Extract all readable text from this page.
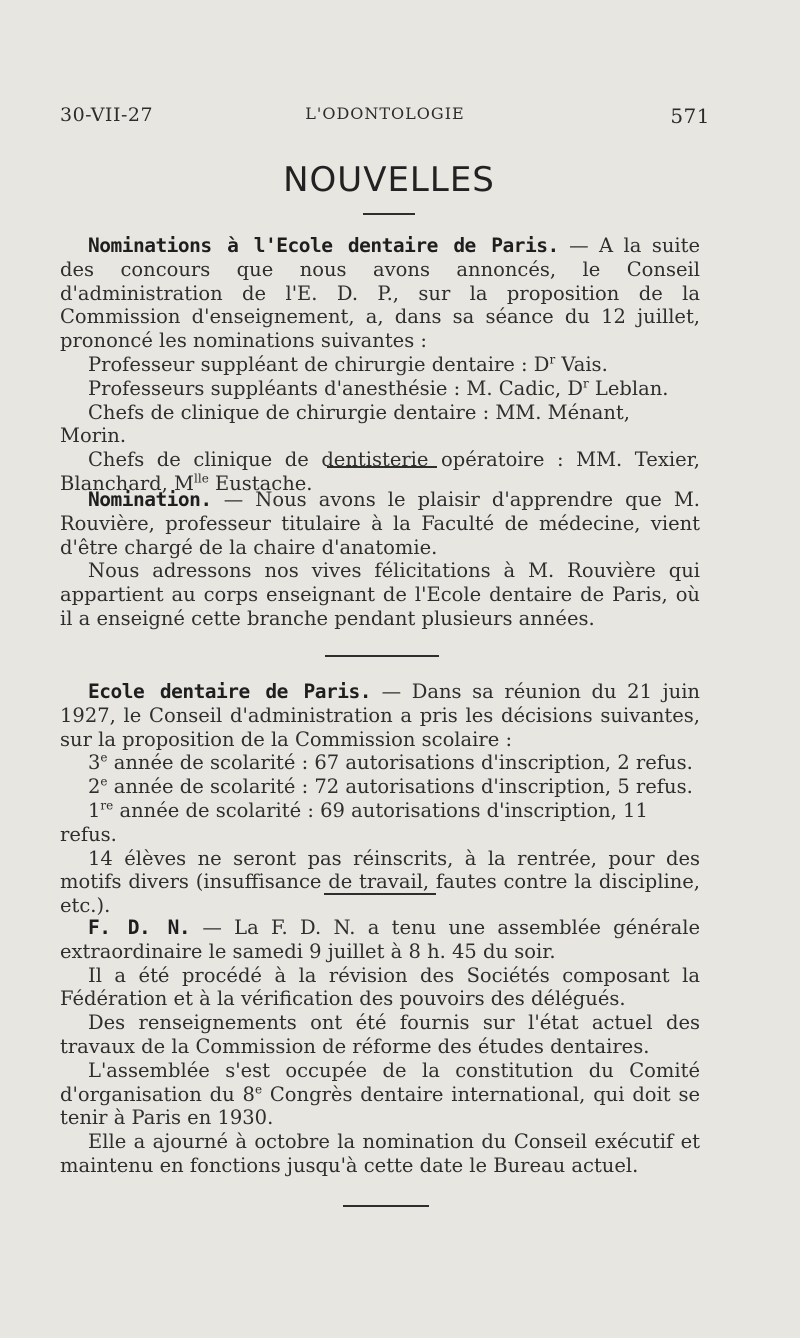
30-VII-27	L'ODONTOLOGIE	571
NOUVELLES

Nominations à l'Ecole dentaire de Paris. — A la suite des concours que nous avons annoncés, le Conseil d'administration de l'E. D. P., sur la proposition de la Commission d'enseignement, a, dans sa séance du 12 juillet, prononcé les nominations suivantes :

Professeur suppléant de chirurgie dentaire : $D^r$ Vais.

Professeurs suppléants d'anesthésie : M. Cadic, $D^r$ Leblan.

Chefs de clinique de chirurgie dentaire : MM. Ménant, Morin.

Chefs de clinique de dentisterie opératoire : MM. Texier, Blanchard, $M^{lle}$ Eustache.

Nomination. — Nous avons le plaisir d'apprendre que M. Rouvière, professeur titulaire à la Faculté de médecine, vient d'être chargé de la chaire d'anatomie.

Nous adressons nos vives félicitations à M. Rouvière qui appartient au corps enseignant de l'Ecole dentaire de Paris, où il a enseigné cette branche pendant plusieurs années.

Ecole dentaire de Paris. — Dans sa réunion du 21 juin 1927, le Conseil d'administration a pris les décisions suivantes, sur la proposition de la Commission scolaire :

3e année de scolarité : 67 autorisations d'inscription, 2 refus.

2e année de scolarité : 72 autorisations d'inscription, 5 refus.

1re année de scolarité : 69 autorisations d'inscription, 11 refus.

14 élèves ne seront pas réinscrits, à la rentrée, pour des motifs divers (insuffisance de travail, fautes contre la discipline, etc.).

F. D. N. — La F. D. N. a tenu une assemblée générale extraordinaire le samedi 9 juillet à 8 h. 45 du soir.

Il a été procédé à la révision des Sociétés composant la Fédération et à la vérification des pouvoirs des délégués.

Des renseignements ont été fournis sur l'état actuel des travaux de la Commission de réforme des études dentaires.

L'assemblée s'est occupée de la constitution du Comité d'organisation du 8e Congrès dentaire international, qui doit se tenir à Paris en 1930.

Elle a ajourné à octobre la nomination du Conseil exécutif et maintenu en fonctions jusqu'à cette date le Bureau actuel.
